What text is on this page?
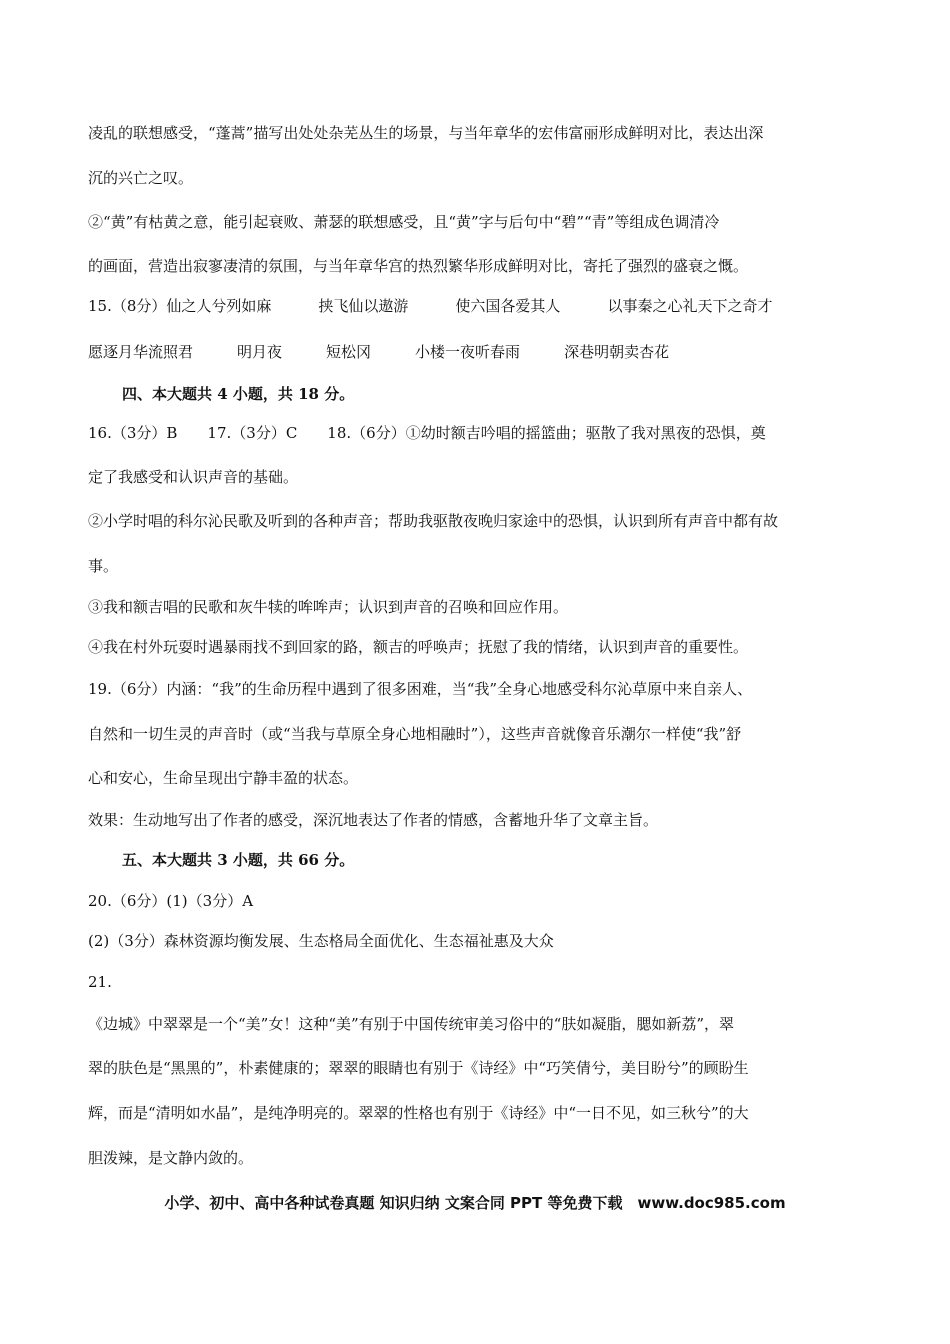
凌乱的联想感受，“蓬蒿”描写出处处杂芜丛生的场景，与当年章华的宏伟富丽形成鲜明对比，表达出深
沉的兴亡之叹。
②“黄”有枯黄之意，能引起衰败、萧瑟的联想感受，且“黄”字与后句中“碧”“青”等组成色调清冷
的画面，营造出寂寥凄清的氛围，与当年章华宫的热烈繁华形成鲜明对比，寄托了强烈的盛衰之慨。
15.（8分）仙之人兮列如麻	挟飞仙以遨游	使六国各爱其人	以事秦之心礼天下之奇才
愿逐月华流照君	明月夜	短松冈	小楼一夜听春雨	深巷明朝卖杏花
四、本大题共 4 小题，共 18 分。
16.（3分）B　　17.（3分）C　　18.（6分）①幼时额吉吟唱的摇篮曲；驱散了我对黑夜的恐惧，奠
定了我感受和认识声音的基础。
②小学时唱的科尔沁民歌及听到的各种声音；帮助我驱散夜晚归家途中的恐惧，认识到所有声音中都有故
事。
③我和额吉唱的民歌和灰牛犊的哞哞声；认识到声音的召唤和回应作用。
④我在村外玩耍时遇暴雨找不到回家的路，额吉的呼唤声；抚慰了我的情绪，认识到声音的重要性。
19.（6分）内涵：“我”的生命历程中遇到了很多困难，当“我”全身心地感受科尔沁草原中来自亲人、
自然和一切生灵的声音时（或“当我与草原全身心地相融时”），这些声音就像音乐潮尔一样使“我”舒
心和安心，生命呈现出宁静丰盈的状态。
效果：生动地写出了作者的感受，深沉地表达了作者的情感，含蓄地升华了文章主旨。
五、本大题共 3 小题，共 66 分。
20.（6分）(1)（3分）A
(2)（3分）森林资源均衡发展、生态格局全面优化、生态福祉惠及大众
21.
《边城》中翠翠是一个“美”女！这种“美”有别于中国传统审美习俗中的“肤如凝脂，腮如新荔”，翠
翠的肤色是“黑黑的”，朴素健康的；翠翠的眼睛也有别于《诗经》中“巧笑倩兮，美目盼兮”的顾盼生
辉，而是“清明如水晶”，是纯净明亮的。翠翠的性格也有别于《诗经》中“一日不见，如三秋兮”的大
胆泼辣，是文静内敛的。
小学、初中、高中各种试卷真题 知识归纳 文案合同 PPT 等免费下载　www.doc985.com
